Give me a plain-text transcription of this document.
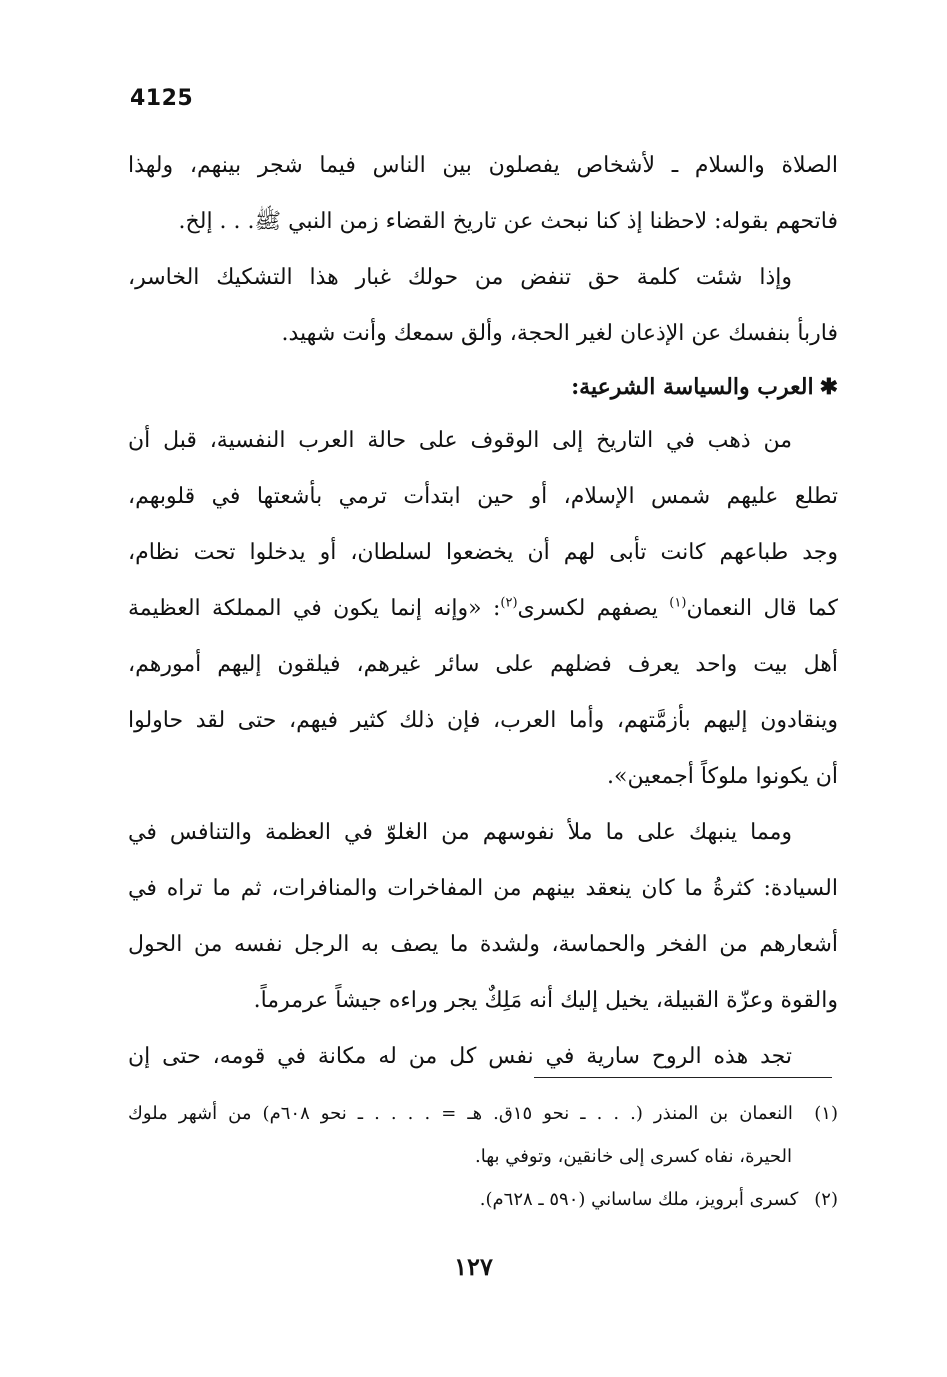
4125
الصلاة والسلام ـ لأشخاص يفصلون بين الناس فيما شجر بينهم، ولهذا
فاتحهم بقوله: لاحظنا إذ كنا نبحث عن تاريخ القضاء زمن النبي ﷺ. . . إلخ.
وإذا شئت كلمة حق تنفض من حولك غبار هذا التشكيك الخاسر،
فاربأ بنفسك عن الإذعان لغير الحجة، وألق سمعك وأنت شهيد.
✱العرب والسياسة الشرعية:
من ذهب في التاريخ إلى الوقوف على حالة العرب النفسية، قبل أن
تطلع عليهم شمس الإسلام، أو حين ابتدأت ترمي بأشعتها في قلوبهم،
وجد طباعهم كانت تأبى لهم أن يخضعوا لسلطان، أو يدخلوا تحت نظام،
كما قال النعمان$^{(١)}$ يصفهم لكسرى$^{(٢)}$: «وإنه إنما يكون في المملكة العظيمة
أهل بيت واحد يعرف فضلهم على سائر غيرهم، فيلقون إليهم أمورهم،
وينقادون إليهم بأزمَّتهم، وأما العرب، فإن ذلك كثير فيهم، حتى لقد حاولوا
أن يكونوا ملوكاً أجمعين».
ومما ينبهك على ما ملأ نفوسهم من الغلوّ في العظمة والتنافس في
السيادة: كثرةُ ما كان ينعقد بينهم من المفاخرات والمنافرات، ثم ما تراه في
أشعارهم من الفخر والحماسة، ولشدة ما يصف به الرجل نفسه من الحول
والقوة وعزّة القبيلة، يخيل إليك أنه مَلِكٌ يجر وراءه جيشاً عرمرماً.
تجد هذه الروح سارية في نفس كل من له مكانة في قومه، حتى إن
(١) النعمان بن المنذر (. . . ـ نحو ١٥ق. هـ = . . . . ـ نحو ٦٠٨م) من أشهر ملوك
الحيرة، نفاه كسرى إلى خانقين، وتوفي بها.
(٢) كسرى أبرويز، ملك ساساني (٥٩٠ ـ ٦٢٨م).
١٢٧
